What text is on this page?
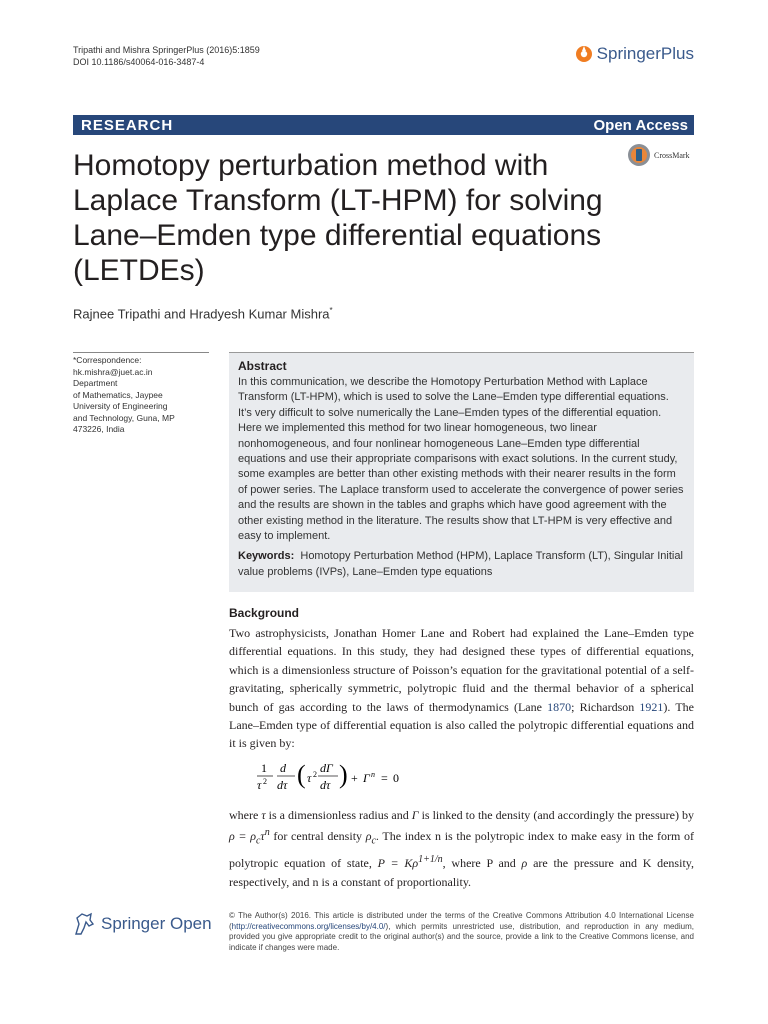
Tripathi and Mishra SpringerPlus (2016)5:1859
DOI 10.1186/s40064-016-3487-4	SpringerPlus
RESEARCH	Open Access
CrossMark
Homotopy perturbation method with Laplace Transform (LT-HPM) for solving Lane–Emden type differential equations (LETDEs)
Rajnee Tripathi and Hradyesh Kumar Mishra*
*Correspondence:
hk.mishra@juet.ac.in
Department
of Mathematics, Jaypee
University of Engineering
and Technology, Guna, MP
473226, India
Abstract

In this communication, we describe the Homotopy Perturbation Method with Laplace Transform (LT-HPM), which is used to solve the Lane–Emden type differential equations. It’s very difficult to solve numerically the Lane–Emden types of the differential equation. Here we implemented this method for two linear homogeneous, two linear nonhomogeneous, and four nonlinear homogeneous Lane–Emden type differential equations and use their appropriate comparisons with exact solutions. In the current study, some examples are better than other existing methods with their nearer results in the form of power series. The Laplace transform used to accelerate the convergence of power series and the results are shown in the tables and graphs which have good agreement with the other existing method in the literature. The results show that LT-HPM is very effective and easy to implement.

Keywords: Homotopy Perturbation Method (HPM), Laplace Transform (LT), Singular Initial value problems (IVPs), Lane–Emden type equations

Background
Two astrophysicists, Jonathan Homer Lane and Robert had explained the Lane–Emden type differential equations. In this study, they had designed these types of differential equations, which is a dimensionless structure of Poisson’s equation for the gravitational potential of a self-gravitating, spherically symmetric, polytropic fluid and the thermal behavior of a spherical bunch of gas according to the laws of thermodynamics (Lane 1870; Richardson 1921). The Lane–Emden type of differential equation is also called the polytropic differential equations and it is given by:
1
τ 2
d
dτ ( τ 2 dΓ
dτ ) + Γ n = 0
where τ is a dimensionless radius and Γ is linked to the density (and accordingly the pressure) by $\rho = \rho_c\tau^n$ for central density $\rho_c$. The index n is the polytropic index to make easy in the form of polytropic equation of state, $P = K\rho^{1+1/n}$, where P and ρ are the pressure and K density, respectively, and n is a constant of proportionality.
Springer Open © The Author(s) 2016. This article is distributed under the terms of the Creative Commons Attribution 4.0 International License (http://creativecommons.org/licenses/by/4.0/), which permits unrestricted use, distribution, and reproduction in any medium, provided you give appropriate credit to the original author(s) and the source, provide a link to the Creative Commons license, and indicate if changes were made.
